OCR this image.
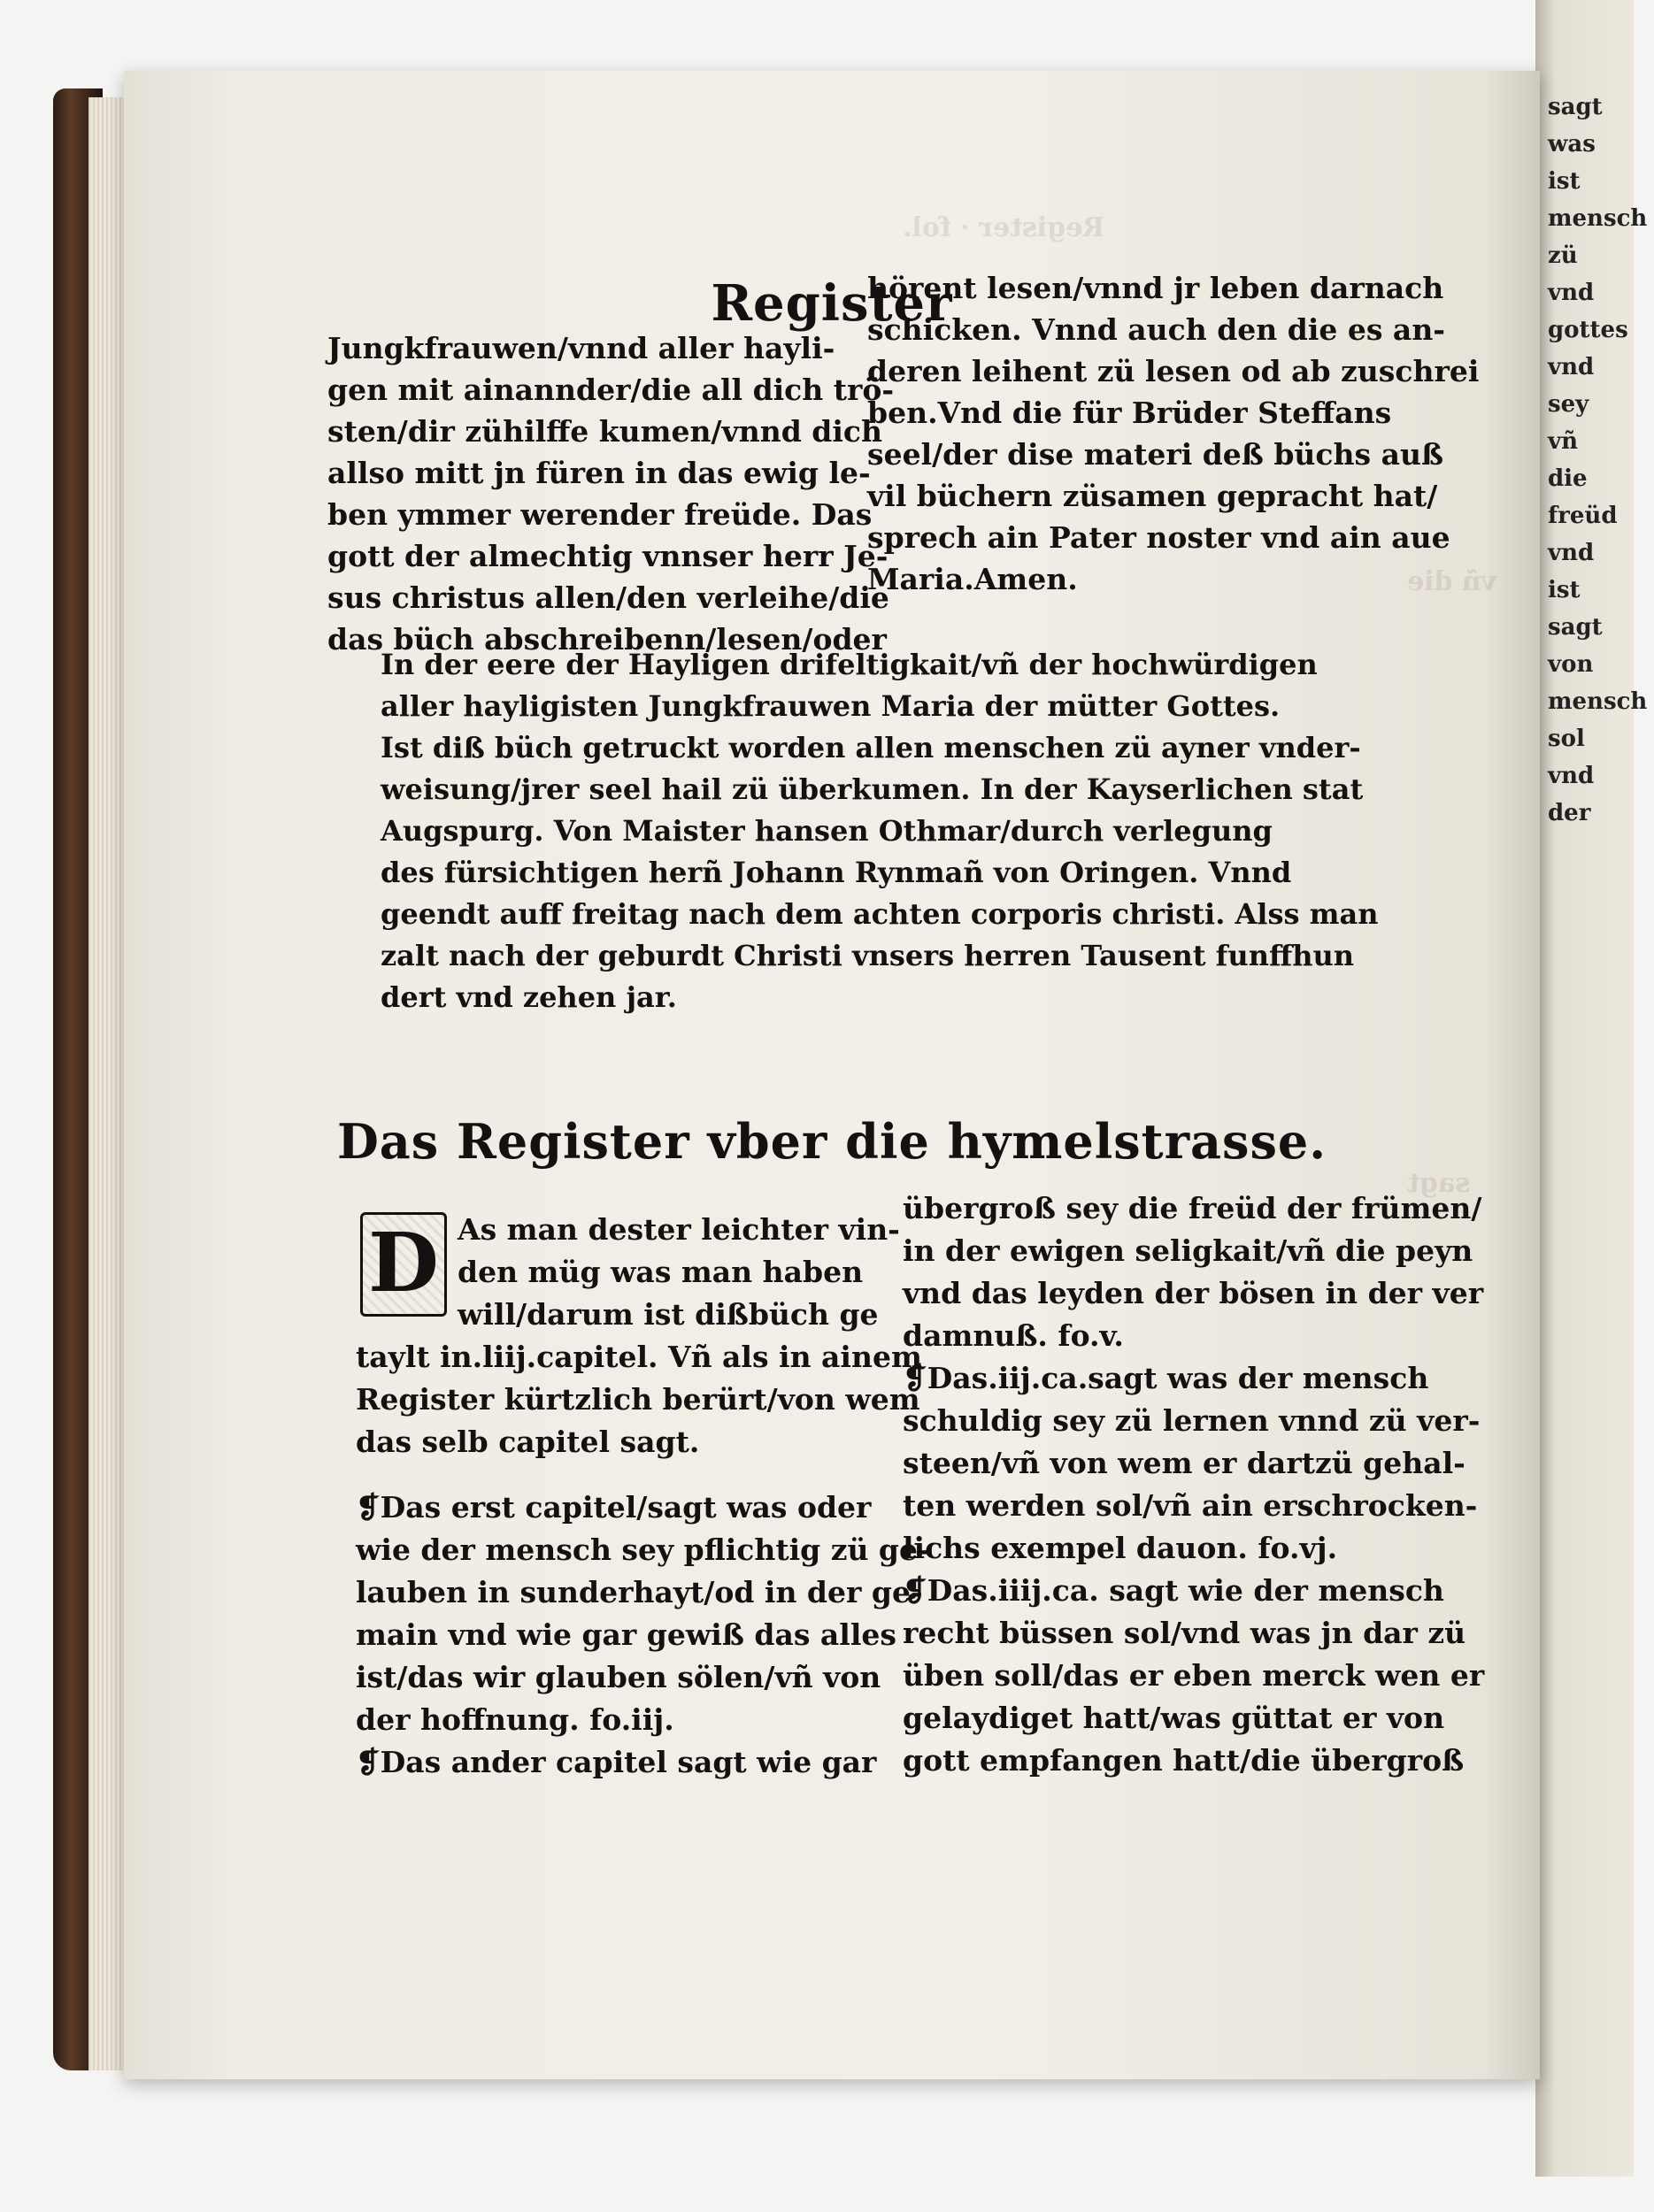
sagt
was
ist
mensch
zü
vnd
gottes
vnd
sey
vñ
die
freüd
vnd
ist
sagt
von
mensch
sol
vnd
der
Register · fol.
vñ die
sagt
Register
Jungkfrauwen/vnnd aller hayli-
gen mit ainannder/die all dich trö-
sten/dir zühilffe kumen/vnnd dich
allso mitt jn füren in das ewig le-
ben ymmer werender freüde. Das
gott der almechtig vnnser herr Je-
sus christus allen/den verleihe/die
das büch abschreibenn/lesen/oder
hörent lesen/vnnd jr leben darnach
schicken. Vnnd auch den die es an-
deren leihent zü lesen od ab zuschrei
ben.Vnd die für Brüder Steffans
seel/der dise materi deß büchs auß
vil büchern züsamen gepracht hat/
sprech ain Pater noster vnd ain aue
Maria.Amen.
In der eere der Hayligen drifeltigkait/vñ der hochwürdigen
aller hayligisten Jungkfrauwen Maria der mütter Gottes.
Ist diß büch getruckt worden allen menschen zü ayner vnder-
weisung/jrer seel hail zü überkumen. In der Kayserlichen stat
Augspurg. Von Maister hansen Othmar/durch verlegung
des fürsichtigen herñ Johann Rynmañ von Oringen. Vnnd
geendt auff freitag nach dem achten corporis christi. Alss man
zalt nach der geburdt Christi vnsers herren Tausent funffhun
dert vnd zehen jar.
Das Register vber die hymelstrasse.
D As man dester leichter vin-
den müg was man haben
will/darum ist dißbüch ge
taylt in.liij.capitel. Vñ als in ainem
Register kürtzlich berürt/von wem
das selb capitel sagt.
❡Das erst capitel/sagt was oder
wie der mensch sey pflichtig zü ge-
lauben in sunderhayt/od in der ge-
main vnd wie gar gewiß das alles
ist/das wir glauben sölen/vñ von
der hoffnung. fo.iij.
❡Das ander capitel sagt wie gar
übergroß sey die freüd der frümen/
in der ewigen seligkait/vñ die peyn
vnd das leyden der bösen in der ver
damnuß. fo.v.
❡Das.iij.ca.sagt was der mensch
schuldig sey zü lernen vnnd zü ver-
steen/vñ von wem er dartzü gehal-
ten werden sol/vñ ain erschrocken-
lichs exempel dauon. fo.vj.
❡Das.iiij.ca. sagt wie der mensch
recht büssen sol/vnd was jn dar zü
üben soll/das er eben merck wen er
gelaydiget hatt/was güttat er von
gott empfangen hatt/die übergroß
